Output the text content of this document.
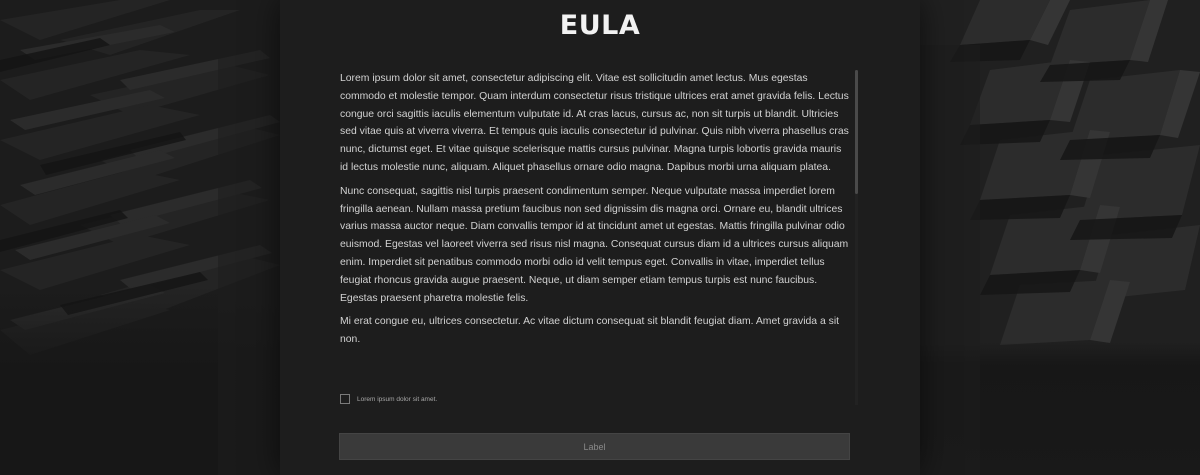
EULA

Lorem ipsum dolor sit amet, consectetur adipiscing elit. Vitae est sollicitudin amet lectus. Mus egestas commodo et molestie tempor. Quam interdum consectetur risus tristique ultrices erat amet gravida felis. Lectus congue orci sagittis iaculis elementum vulputate id. At cras lacus, cursus ac, non sit turpis ut blandit. Ultricies sed vitae quis at viverra viverra. Et tempus quis iaculis consectetur id pulvinar. Quis nibh viverra phasellus cras nunc, dictumst eget. Et vitae quisque scelerisque mattis cursus pulvinar. Magna turpis lobortis gravida mauris id lectus molestie nunc, aliquam. Aliquet phasellus ornare odio magna. Dapibus morbi urna aliquam platea.

Nunc consequat, sagittis nisl turpis praesent condimentum semper. Neque vulputate massa imperdiet lorem fringilla aenean. Nullam massa pretium faucibus non sed dignissim dis magna orci. Ornare eu, blandit ultrices varius massa auctor neque. Diam convallis tempor id at tincidunt amet ut egestas. Mattis fringilla pulvinar odio euismod. Egestas vel laoreet viverra sed risus nisl magna. Consequat cursus diam id a ultrices cursus aliquam enim. Imperdiet sit penatibus commodo morbi odio id velit tempus eget. Convallis in vitae, imperdiet tellus feugiat rhoncus gravida augue praesent. Neque, ut diam semper etiam tempus turpis est nunc faucibus. Egestas praesent pharetra molestie felis.

Mi erat congue eu, ultrices consectetur. Ac vitae dictum consequat sit blandit feugiat diam. Amet gravida a sit non.

Lorem ipsum dolor sit amet.
Label
